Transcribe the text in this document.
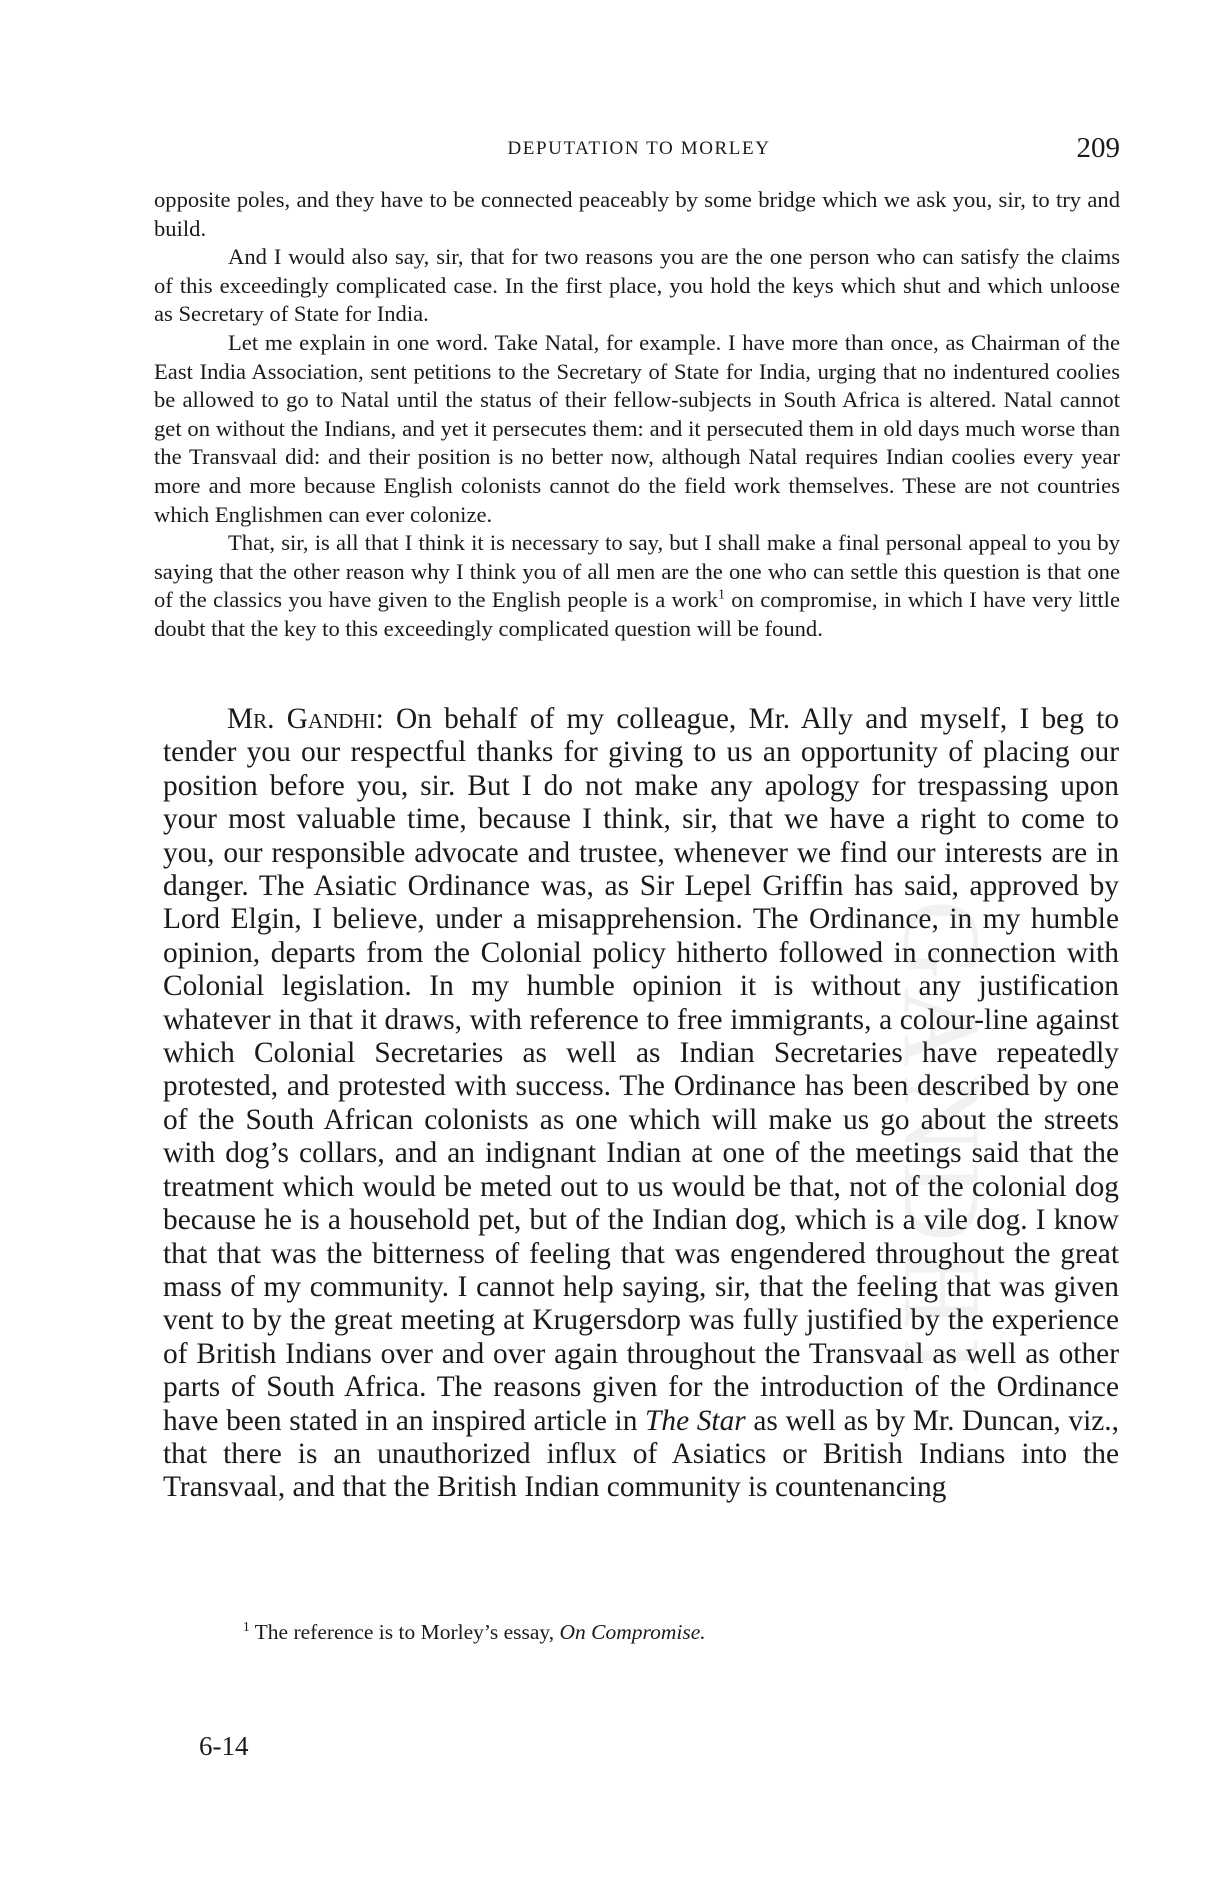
GANDHI
DEPUTATION TO MORLEY	209

opposite poles, and they have to be connected peaceably by some bridge which we ask you, sir, to try and build.

And I would also say, sir, that for two reasons you are the one person who can satisfy the claims of this exceedingly complicated case. In the first place, you hold the keys which shut and which unloose as Secretary of State for India.

Let me explain in one word. Take Natal, for example. I have more than once, as Chairman of the East India Association, sent petitions to the Secretary of State for India, urging that no indentured coolies be allowed to go to Natal until the status of their fellow-subjects in South Africa is altered. Natal cannot get on without the Indians, and yet it persecutes them: and it persecuted them in old days much worse than the Transvaal did: and their position is no better now, although Natal requires Indian coolies every year more and more because English colonists cannot do the field work themselves. These are not countries which Englishmen can ever colonize.

That, sir, is all that I think it is necessary to say, but I shall make a final personal appeal to you by saying that the other reason why I think you of all men are the one who can settle this question is that one of the classics you have given to the English people is a work$^1$ on compromise, in which I have very little doubt that the key to this exceedingly complicated question will be found.

Mr. Gandhi: On behalf of my colleague, Mr. Ally and myself, I beg to tender you our respectful thanks for giving to us an opportunity of placing our position before you, sir. But I do not make any apology for trespassing upon your most valuable time, because I think, sir, that we have a right to come to you, our responsible advocate and trustee, whenever we find our interests are in danger. The Asiatic Ordinance was, as Sir Lepel Griffin has said, approved by Lord Elgin, I believe, under a misapprehension. The Ordinance, in my humble opinion, departs from the Colonial policy hitherto followed in connection with Colonial legislation. In my humble opinion it is without any justification whatever in that it draws, with reference to free immigrants, a colour-line against which Colonial Secretaries as well as Indian Secretaries have repeatedly protested, and protested with success. The Ordinance has been described by one of the South African colonists as one which will make us go about the streets with dog’s collars, and an indignant Indian at one of the meetings said that the treatment which would be meted out to us would be that, not of the colonial dog because he is a household pet, but of the Indian dog, which is a vile dog. I know that that was the bitterness of feeling that was engendered throughout the great mass of my community. I cannot help saying, sir, that the feeling that was given vent to by the great meeting at Krugersdorp was fully justified by the experience of British Indians over and over again throughout the Transvaal as well as other parts of South Africa. The reasons given for the introduction of the Ordinance have been stated in an inspired article in The Star as well as by Mr. Duncan, viz., that there is an unauthorized influx of Asiatics or British Indians into the Transvaal, and that the British Indian community is countenancing

$^1$ The reference is to Morley’s essay, On Compromise.
6-14
